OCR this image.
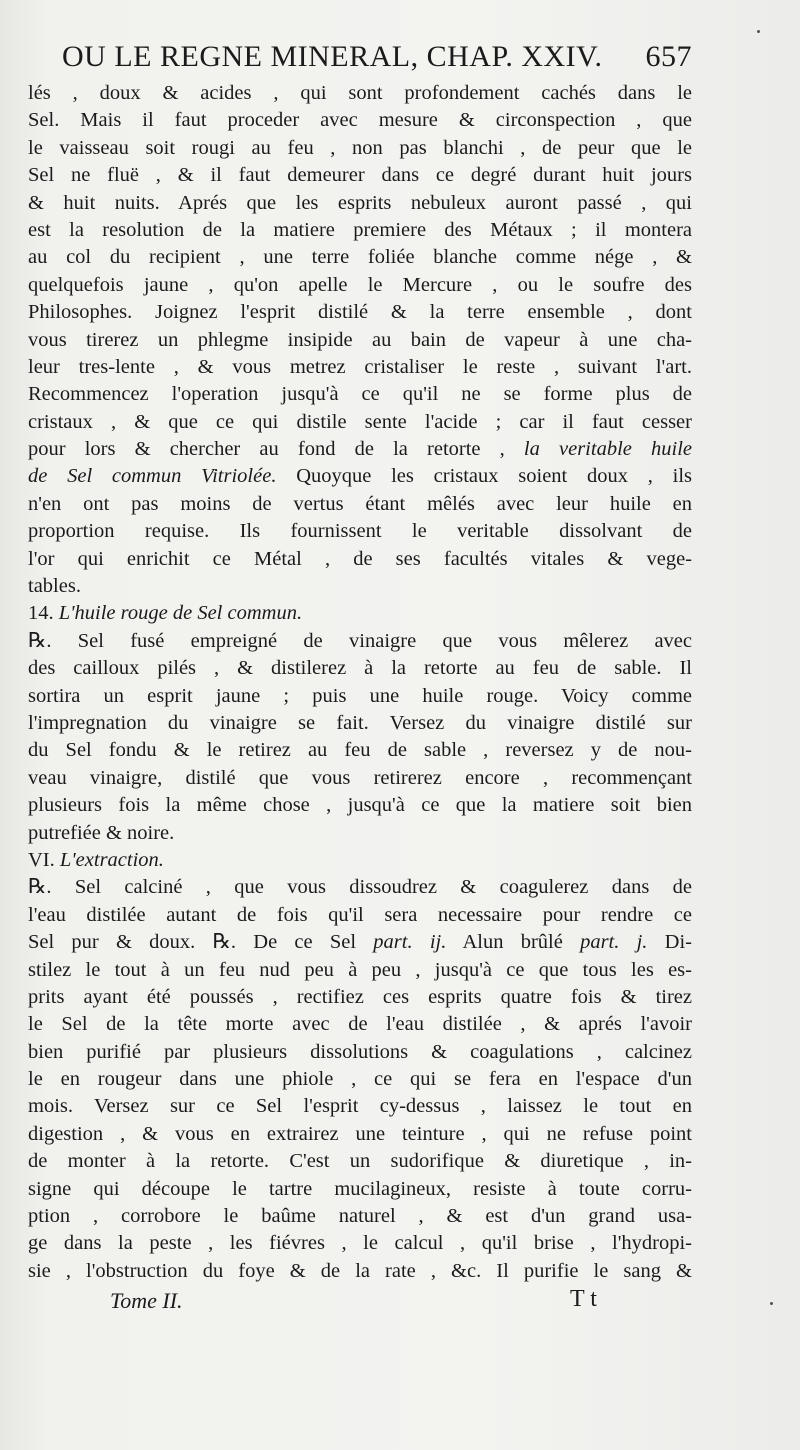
OU LE REGNE MINERAL, CHAP. XXIV. 657
lés , doux & acides , qui sont profondement cachés dans le
Sel. Mais il faut proceder avec mesure & circonspection , que
le vaisseau soit rougi au feu , non pas blanchi , de peur que le
Sel ne fluë , & il faut demeurer dans ce degré durant huit jours
& huit nuits. Aprés que les esprits nebuleux auront passé , qui
est la resolution de la matiere premiere des Métaux ; il montera
au col du recipient , une terre foliée blanche comme nége , &
quelquefois jaune , qu'on apelle le Mercure , ou le soufre des
Philosophes. Joignez l'esprit distilé & la terre ensemble , dont
vous tirerez un phlegme insipide au bain de vapeur à une cha-
leur tres-lente , & vous metrez cristaliser le reste , suivant l'art.
Recommencez l'operation jusqu'à ce qu'il ne se forme plus de
cristaux , & que ce qui distile sente l'acide ; car il faut cesser
pour lors & chercher au fond de la retorte , la veritable huile
de Sel commun Vitriolée. Quoyque les cristaux soient doux , ils
n'en ont pas moins de vertus étant mêlés avec leur huile en
proportion requise. Ils fournissent le veritable dissolvant de
l'or qui enrichit ce Métal , de ses facultés vitales & vege-
tables.
14. L'huile rouge de Sel commun.
℞. Sel fusé empreigné de vinaigre que vous mêlerez avec
des cailloux pilés , & distilerez à la retorte au feu de sable. Il
sortira un esprit jaune ; puis une huile rouge. Voicy comme
l'impregnation du vinaigre se fait. Versez du vinaigre distilé sur
du Sel fondu & le retirez au feu de sable , reversez y de nou-
veau vinaigre, distilé que vous retirerez encore , recommençant
plusieurs fois la même chose , jusqu'à ce que la matiere soit bien
putrefiée & noire.
VI. L'extraction.
℞. Sel calciné , que vous dissoudrez & coagulerez dans de
l'eau distilée autant de fois qu'il sera necessaire pour rendre ce
Sel pur & doux. ℞. De ce Sel part. ij. Alun brûlé part. j. Di-
stilez le tout à un feu nud peu à peu , jusqu'à ce que tous les es-
prits ayant été poussés , rectifiez ces esprits quatre fois & tirez
le Sel de la tête morte avec de l'eau distilée , & aprés l'avoir
bien purifié par plusieurs dissolutions & coagulations , calcinez
le en rougeur dans une phiole , ce qui se fera en l'espace d'un
mois. Versez sur ce Sel l'esprit cy-dessus , laissez le tout en
digestion , & vous en extrairez une teinture , qui ne refuse point
de monter à la retorte. C'est un sudorifique & diuretique , in-
signe qui découpe le tartre mucilagineux, resiste à toute corru-
ption , corrobore le baûme naturel , & est d'un grand usa-
ge dans la peste , les fiévres , le calcul , qu'il brise , l'hydropi-
sie , l'obstruction du foye & de la rate , &c. Il purifie le sang &
Tome II.	T t
